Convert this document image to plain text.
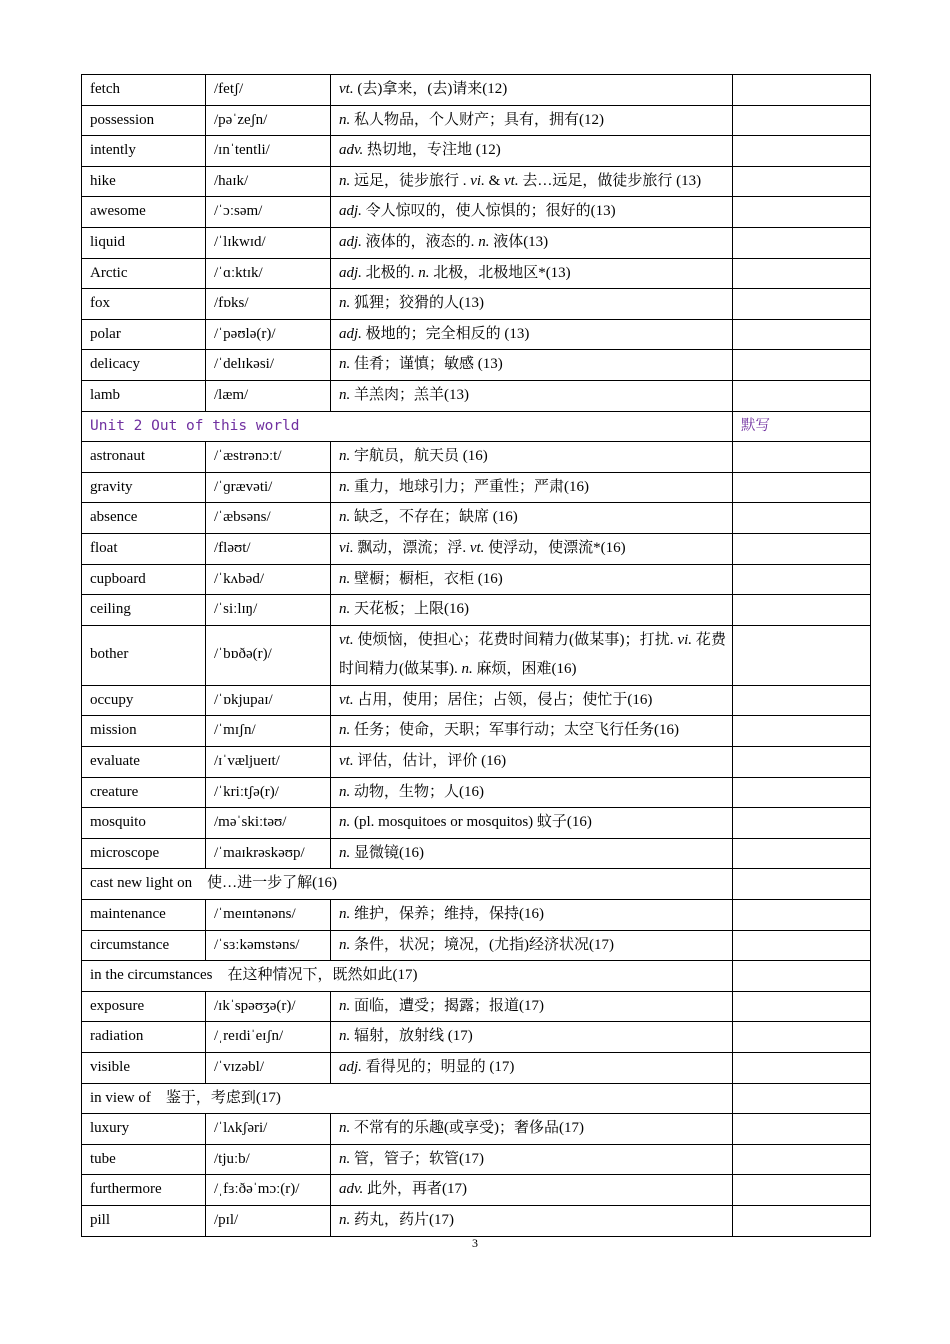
fetch	/fetʃ/	vt. (去)拿来，(去)请来(12)	
possession	/pəˈzeʃn/	n. 私人物品，个人财产；具有，拥有(12)	
intently	/ɪnˈtentli/	adv. 热切地，专注地 (12)	
hike	/haɪk/	n. 远足，徒步旅行 . vi. & vt. 去…远足，做徒步旅行 (13)	
awesome	/ˈɔːsəm/	adj. 令人惊叹的，使人惊惧的；很好的(13)	
liquid	/ˈlɪkwɪd/	adj. 液体的，液态的. n. 液体(13)	
Arctic	/ˈɑːktɪk/	adj. 北极的. n. 北极，北极地区*(13)	
fox	/fɒks/	n. 狐狸；狡猾的人(13)	
polar	/ˈpəʊlə(r)/	adj. 极地的；完全相反的 (13)	
delicacy	/ˈdelɪkəsi/	n. 佳肴；谨慎；敏感 (13)	
lamb	/læm/	n. 羊羔肉；羔羊(13)	
Unit 2 Out of this world			默写
astronaut	/ˈæstrənɔːt/	n. 宇航员，航天员 (16)	
gravity	/ˈɡrævəti/	n. 重力，地球引力；严重性；严肃(16)	
absence	/ˈæbsəns/	n. 缺乏，不存在；缺席 (16)	
float	/fləʊt/	vi. 飘动，漂流；浮. vt. 使浮动，使漂流*(16)	
cupboard	/ˈkʌbəd/	n. 壁橱；橱柜，衣柜 (16)	
ceiling	/ˈsiːlɪŋ/	n. 天花板；上限(16)	
bother	/ˈbɒðə(r)/	vt. 使烦恼，使担心；花费时间精力(做某事)；打扰. vi. 花费时间精力(做某事). n. 麻烦，困难(16)	
occupy	/ˈɒkjupaɪ/	vt. 占用，使用；居住；占领，侵占；使忙于(16)	
mission	/ˈmɪʃn/	n. 任务；使命，天职；军事行动；太空飞行任务(16)	
evaluate	/ɪˈvæljueɪt/	vt. 评估，估计，评价 (16)	
creature	/ˈkriːtʃə(r)/	n. 动物，生物；人(16)	
mosquito	/məˈskiːtəʊ/	n. (pl. mosquitoes or mosquitos) 蚊子(16)	
microscope	/ˈmaɪkrəskəʊp/	n. 显微镜(16)	
cast new light on　使…进一步了解(16)			
maintenance	/ˈmeɪntənəns/	n. 维护，保养；维持，保持(16)	
circumstance	/ˈsɜːkəmstəns/	n. 条件，状况；境况，(尤指)经济状况(17)	
in the circumstances　在这种情况下，既然如此(17)			
exposure	/ɪkˈspəʊʒə(r)/	n. 面临，遭受；揭露；报道(17)	
radiation	/ˌreɪdiˈeɪʃn/	n. 辐射，放射线 (17)	
visible	/ˈvɪzəbl/	adj. 看得见的；明显的 (17)	
in view of　鉴于，考虑到(17)			
luxury	/ˈlʌkʃəri/	n. 不常有的乐趣(或享受)；奢侈品(17)	
tube	/tjuːb/	n. 管，管子；软管(17)	
furthermore	/ˌfɜːðəˈmɔː(r)/	adv. 此外，再者(17)	
pill	/pɪl/	n. 药丸，药片(17)	
3
